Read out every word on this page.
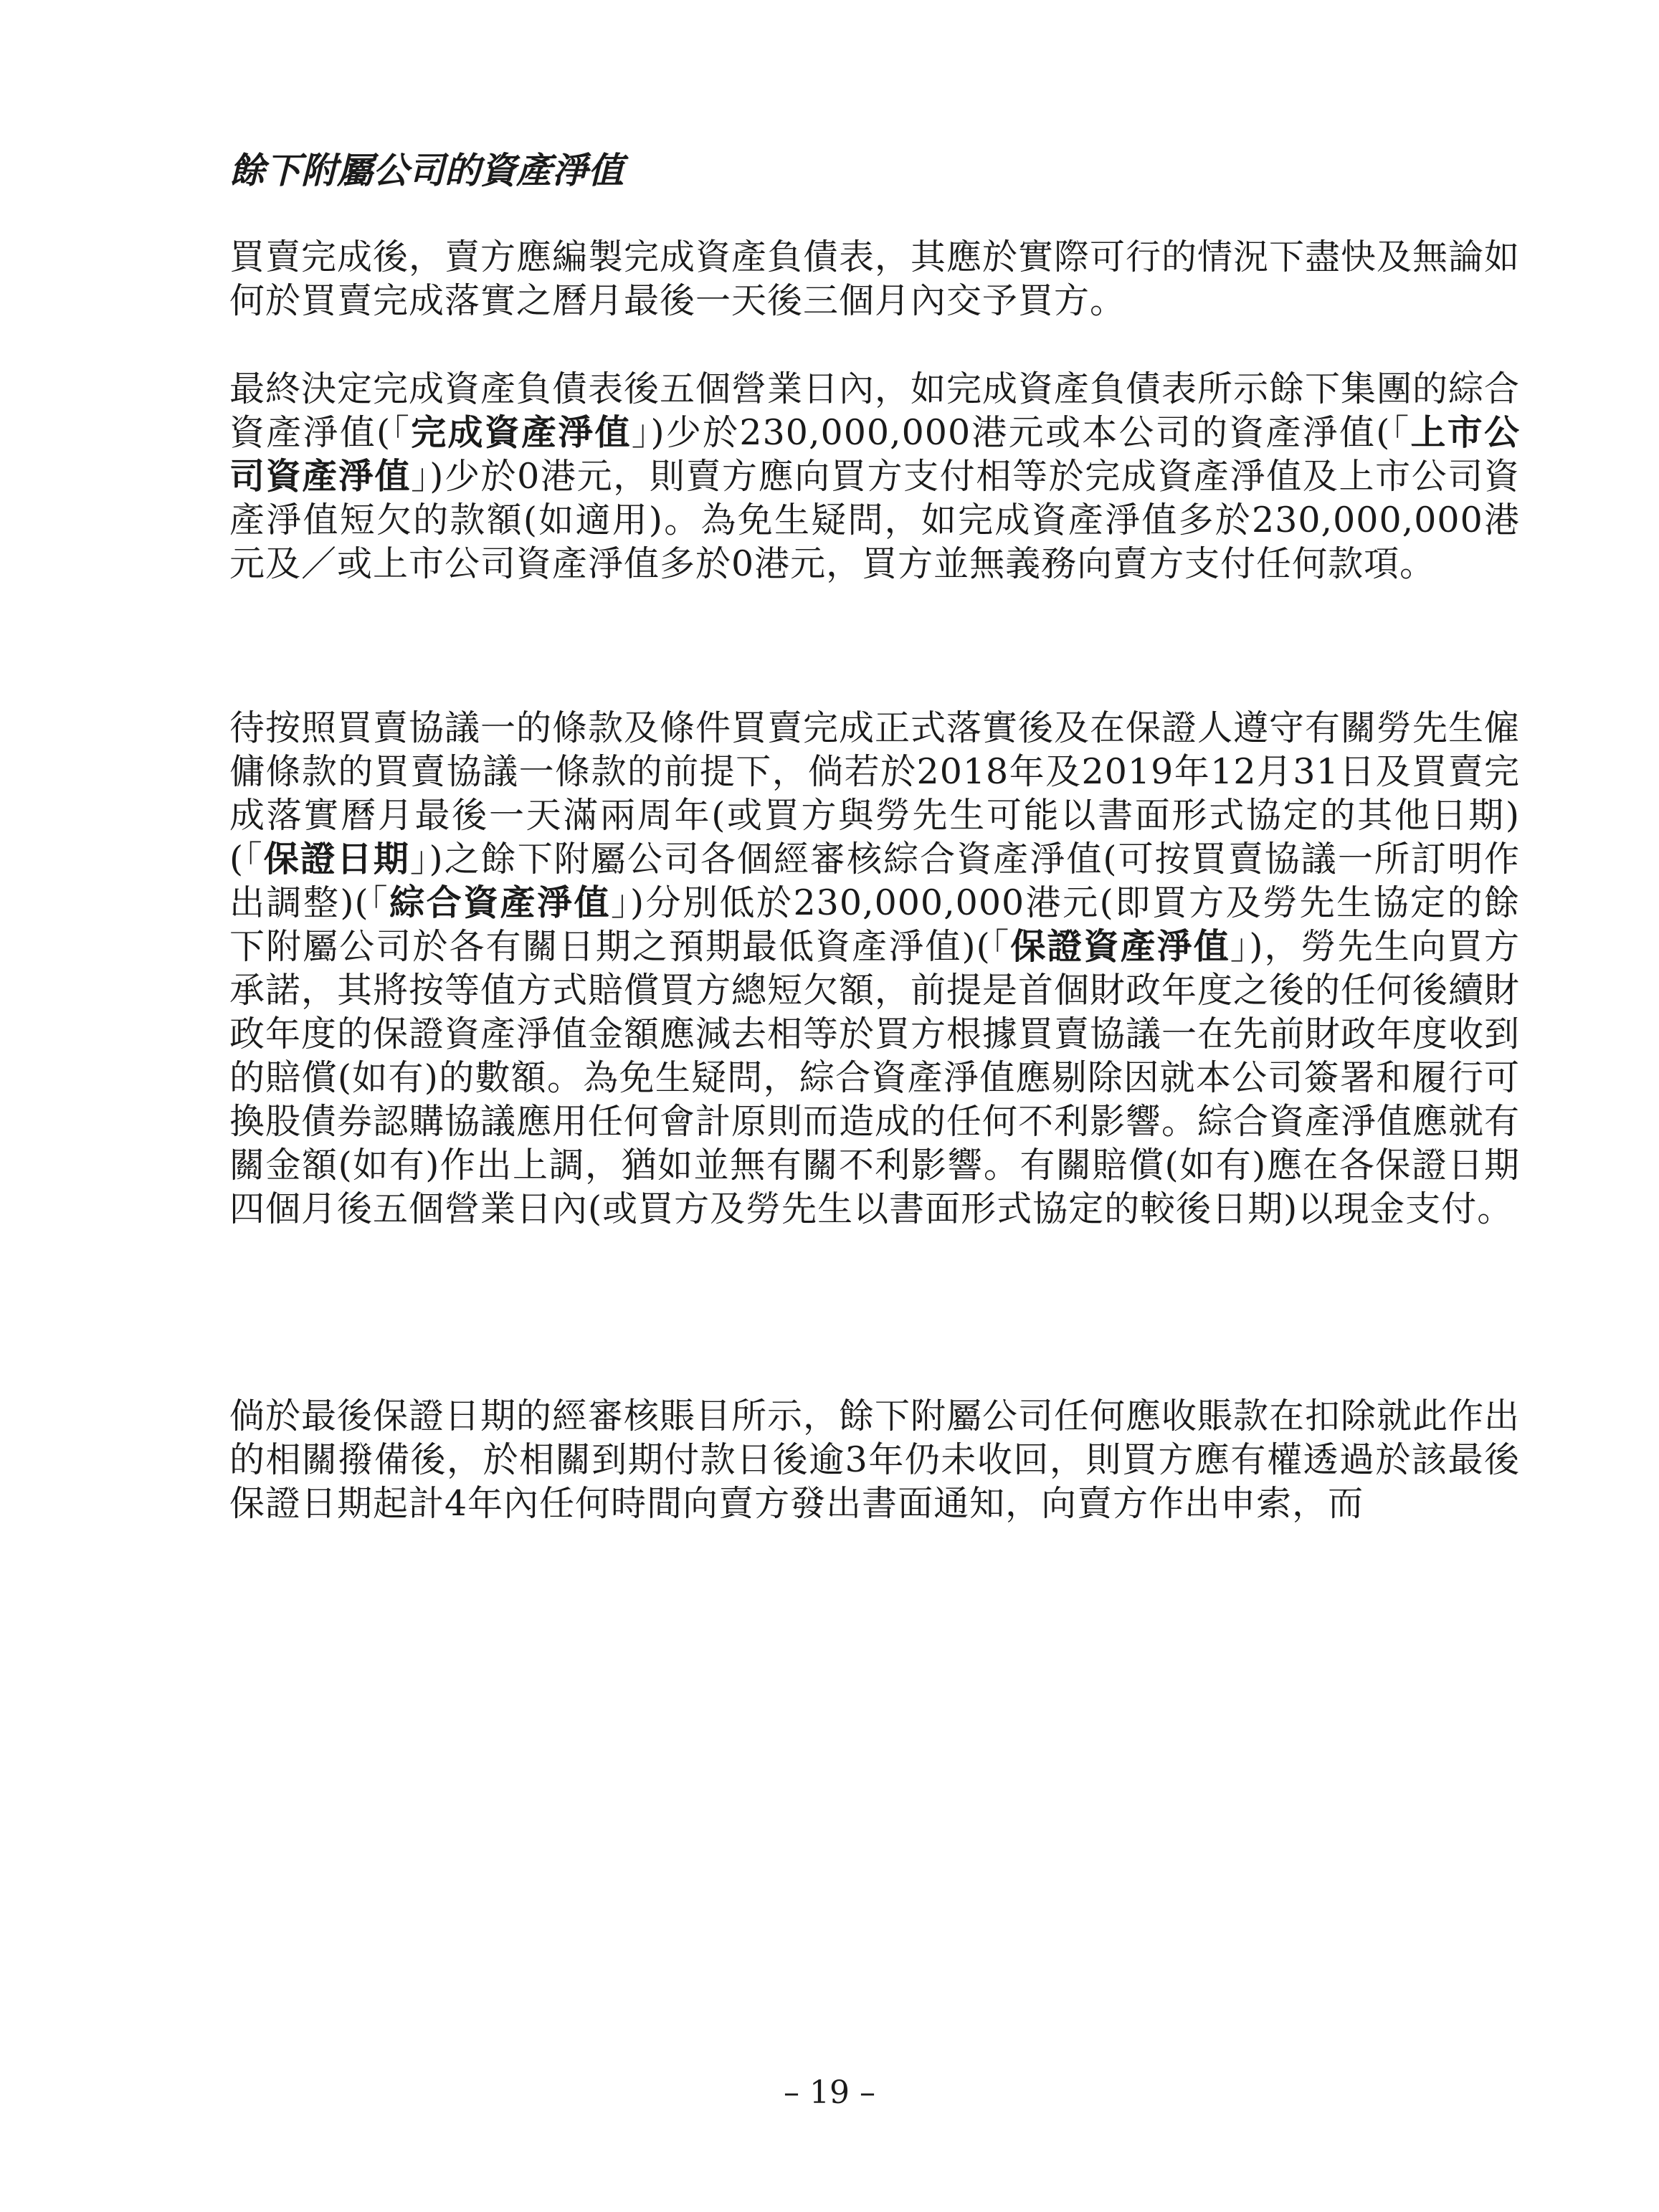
餘下附屬公司的資產淨值

買賣完成後，賣方應編製完成資產負債表，其應於實際可行的情況下盡快及無論如何於買賣完成落實之曆月最後一天後三個月內交予買方。

最終決定完成資產負債表後五個營業日內，如完成資產負債表所示餘下集團的綜合資產淨值(「完成資產淨值」)少於230,000,000港元或本公司的資產淨值(「上市公司資產淨值」)少於0港元，則賣方應向買方支付相等於完成資產淨值及上市公司資產淨值短欠的款額(如適用)。為免生疑問，如完成資產淨值多於230,000,000港元及／或上市公司資產淨值多於0港元，買方並無義務向賣方支付任何款項。

待按照買賣協議一的條款及條件買賣完成正式落實後及在保證人遵守有關勞先生僱傭條款的買賣協議一條款的前提下，倘若於2018年及2019年12月31日及買賣完成落實曆月最後一天滿兩周年(或買方與勞先生可能以書面形式協定的其他日期)(「保證日期」)之餘下附屬公司各個經審核綜合資產淨值(可按買賣協議一所訂明作出調整)(「綜合資產淨值」)分別低於230,000,000港元(即買方及勞先生協定的餘下附屬公司於各有關日期之預期最低資產淨值)(「保證資產淨值」)，勞先生向買方承諾，其將按等值方式賠償買方總短欠額，前提是首個財政年度之後的任何後續財政年度的保證資產淨值金額應減去相等於買方根據買賣協議一在先前財政年度收到的賠償(如有)的數額。為免生疑問，綜合資產淨值應剔除因就本公司簽署和履行可換股債券認購協議應用任何會計原則而造成的任何不利影響。綜合資產淨值應就有關金額(如有)作出上調，猶如並無有關不利影響。有關賠償(如有)應在各保證日期四個月後五個營業日內(或買方及勞先生以書面形式協定的較後日期)以現金支付。

倘於最後保證日期的經審核賬目所示，餘下附屬公司任何應收賬款在扣除就此作出的相關撥備後，於相關到期付款日後逾3年仍未收回，則買方應有權透過於該最後保證日期起計4年內任何時間向賣方發出書面通知，向賣方作出申索，而

– 19 –
